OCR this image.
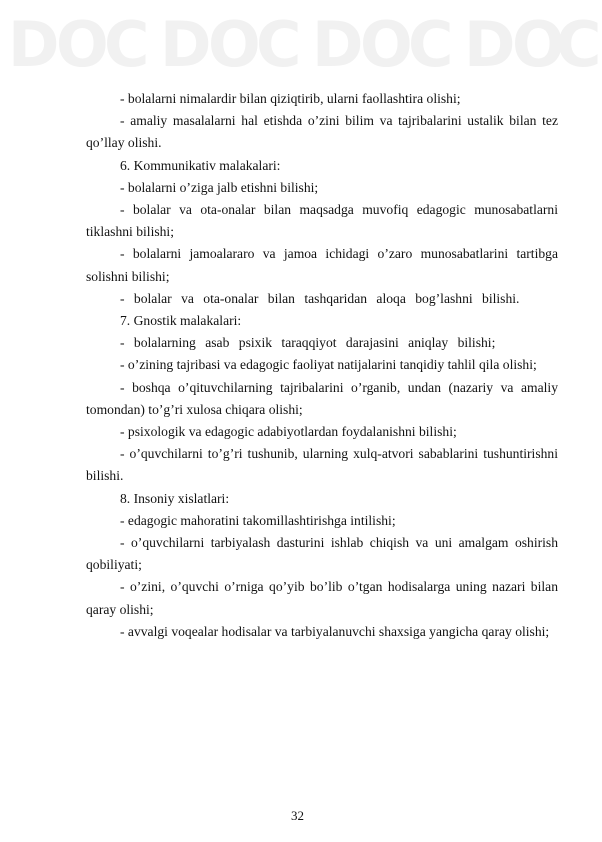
D
O
C D
O
C D
O
C D
O
C

- bolalarni nimalardir bilan qiziqtirib, ularni faollashtira olishi;

- amaliy masalalarni hal etishda o’zini bilim va tajribalarini ustalik bilan tez qo’llay olishi.

6. Kommunikativ malakalari:

- bolalarni o’ziga jalb etishni bilishi;

- bolalar va ota-onalar bilan maqsadga muvofiq edagogic munosabatlarni tiklashni bilishi;

- bolalarni jamoalararo va jamoa ichidagi o’zaro munosabatlarini tartibga solishni bilishi;

- bolalar va ota-onalar bilan tashqaridan aloqa bog’lashni bilishi.

7. Gnostik malakalari:

- bolalarning asab psixik taraqqiyot darajasini aniqlay bilishi;

- o’zining tajribasi va edagogic faoliyat natijalarini tanqidiy tahlil qila olishi;

- boshqa o’qituvchilarning tajribalarini o’rganib, undan (nazariy va amaliy tomondan) to’g’ri xulosa chiqara olishi;

- psixologik va edagogic adabiyotlardan foydalanishni bilishi;

- o’quvchilarni to’g’ri tushunib, ularning xulq-atvori sabablarini tushuntirishni bilishi.

8. Insoniy xislatlari:

- edagogic mahoratini takomillashtirishga intilishi;

- o’quvchilarni tarbiyalash dasturini ishlab chiqish va uni amalgam oshirish qobiliyati;

- o’zini, o’quvchi o’rniga qo’yib bo’lib o’tgan hodisalarga uning nazari bilan qaray olishi;

- avvalgi voqealar hodisalar va tarbiyalanuvchi shaxsiga yangicha qaray olishi;

32
